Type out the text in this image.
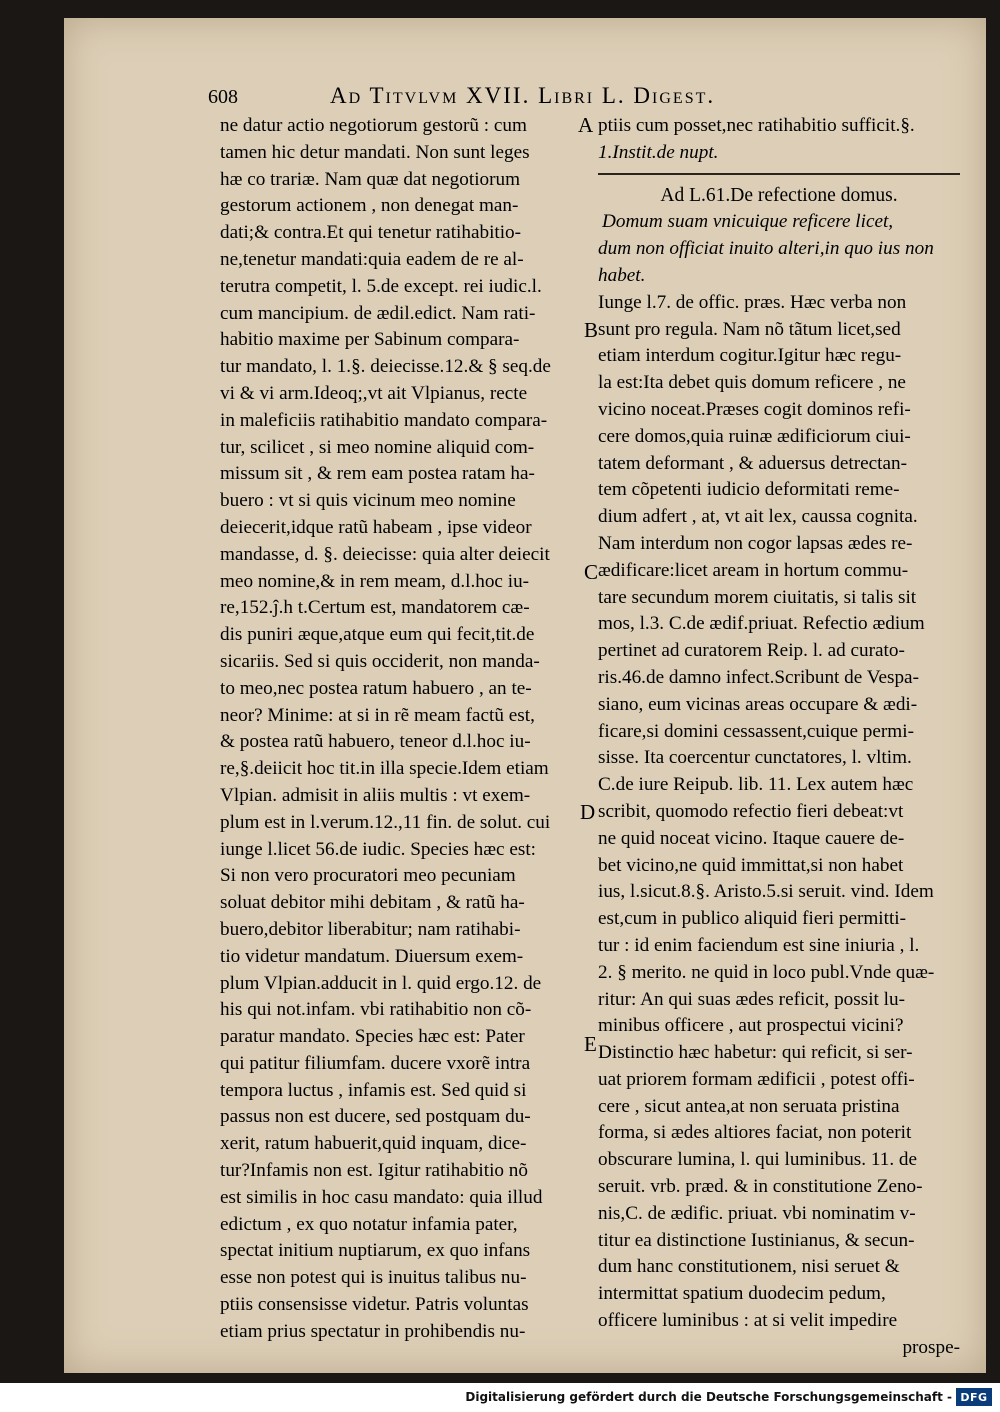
608	Ad Titvlvm XVII. Libri L. Digest.
ne datur actio negotiorum gestorũ : cum
tamen hic detur mandati. Non sunt leges
hæ co trariæ. Nam quæ dat negotiorum
gestorum actionem , non denegat man-
dati;& contra.Et qui tenetur ratihabitio-
ne,tenetur mandati:quia eadem de re al-
terutra competit, l. 5.de except. rei iudic.l.
cum mancipium. de ædil.edict. Nam rati-
habitio maxime per Sabinum compara-
tur mandato, l. 1.§. deiecisse.12.& § seq.de
vi & vi arm.Ideoq;,vt ait Vlpianus, recte
in maleficiis ratihabitio mandato compara-
tur, scilicet , si meo nomine aliquid com-
missum sit , & rem eam postea ratam ha-
buero : vt si quis vicinum meo nomine
deiecerit,idque ratũ habeam , ipse videor
mandasse, d. §. deiecisse: quia alter deiecit
meo nomine,& in rem meam, d.l.hoc iu-
re,152.ĵ.h t.Certum est, mandatorem cæ-
dis puniri æque,atque eum qui fecit,tit.de
sicariis. Sed si quis occiderit, non manda-
to meo,nec postea ratum habuero , an te-
neor? Minime: at si in rẽ meam factũ est,
& postea ratũ habuero, teneor d.l.hoc iu-
re,§.deiicit hoc tit.in illa specie.Idem etiam
Vlpian. admisit in aliis multis : vt exem-
plum est in l.verum.12.,11 fin. de solut. cui
iunge l.licet 56.de iudic. Species hæc est:
Si non vero procuratori meo pecuniam
soluat debitor mihi debitam , & ratũ ha-
buero,debitor liberabitur; nam ratihabi-
tio videtur mandatum. Diuersum exem-
plum Vlpian.adducit in l. quid ergo.12. de
his qui not.infam. vbi ratihabitio non cõ-
paratur mandato. Species hæc est: Pater
qui patitur filiumfam. ducere vxorẽ intra
tempora luctus , infamis est. Sed quid si
passus non est ducere, sed postquam du-
xerit, ratum habuerit,quid inquam, dice-
tur?Infamis non est. Igitur ratihabitio nõ
est similis in hoc casu mandato: quia illud
edictum , ex quo notatur infamia pater,
spectat initium nuptiarum, ex quo infans
esse non potest qui is inuitus talibus nu-
ptiis consensisse videtur. Patris voluntas
etiam prius spectatur in prohibendis nu-
ptiis cum posset,nec ratihabitio sufficit.§.
1.Instit.de nupt.
Ad L.61.De refectione domus.
Domum suam vnicuique reficere licet,
dum non officiat inuito alteri,in quo ius non
habet.
Iunge l.7. de offic. præs. Hæc verba non
sunt pro regula. Nam nõ tãtum licet,sed
etiam interdum cogitur.Igitur hæc regu-
la est:Ita debet quis domum reficere , ne
vicino noceat.Præses cogit dominos refi-
cere domos,quia ruinæ ædificiorum ciui-
tatem deformant , & aduersus detrectan-
tem cõpetenti iudicio deformitati reme-
dium adfert , at, vt ait lex, caussa cognita.
Nam interdum non cogor lapsas ædes re-
ædificare:licet aream in hortum commu-
tare secundum morem ciuitatis, si talis sit
mos, l.3. C.de ædif.priuat. Refectio ædium
pertinet ad curatorem Reip. l. ad curato-
ris.46.de damno infect.Scribunt de Vespa-
siano, eum vicinas areas occupare & ædi-
ficare,si domini cessassent,cuique permi-
sisse. Ita coercentur cunctatores, l. vltim.
C.de iure Reipub. lib. 11. Lex autem hæc
scribit, quomodo refectio fieri debeat:vt
ne quid noceat vicino. Itaque cauere de-
bet vicino,ne quid immittat,si non habet
ius, l.sicut.8.§. Aristo.5.si seruit. vind. Idem
est,cum in publico aliquid fieri permitti-
tur : id enim faciendum est sine iniuria , l.
2. § merito. ne quid in loco publ.Vnde quæ-
ritur: An qui suas ædes reficit, possit lu-
minibus officere , aut prospectui vicini?
Distinctio hæc habetur: qui reficit, si ser-
uat priorem formam ædificii , potest offi-
cere , sicut antea,at non seruata pristina
forma, si ædes altiores faciat, non poterit
obscurare lumina, l. qui luminibus. 11. de
seruit. vrb. præd. & in constitutione Zeno-
nis,C. de ædific. priuat. vbi nominatim v-
titur ea distinctione Iustinianus, & secun-
dum hanc constitutionem, nisi seruet &
intermittat spatium duodecim pedum,
officere luminibus : at si velit impedire
prospe-
A
B
C
D
E
Digitalisierung gefördert durch die Deutsche Forschungsgemeinschaft - DFG
